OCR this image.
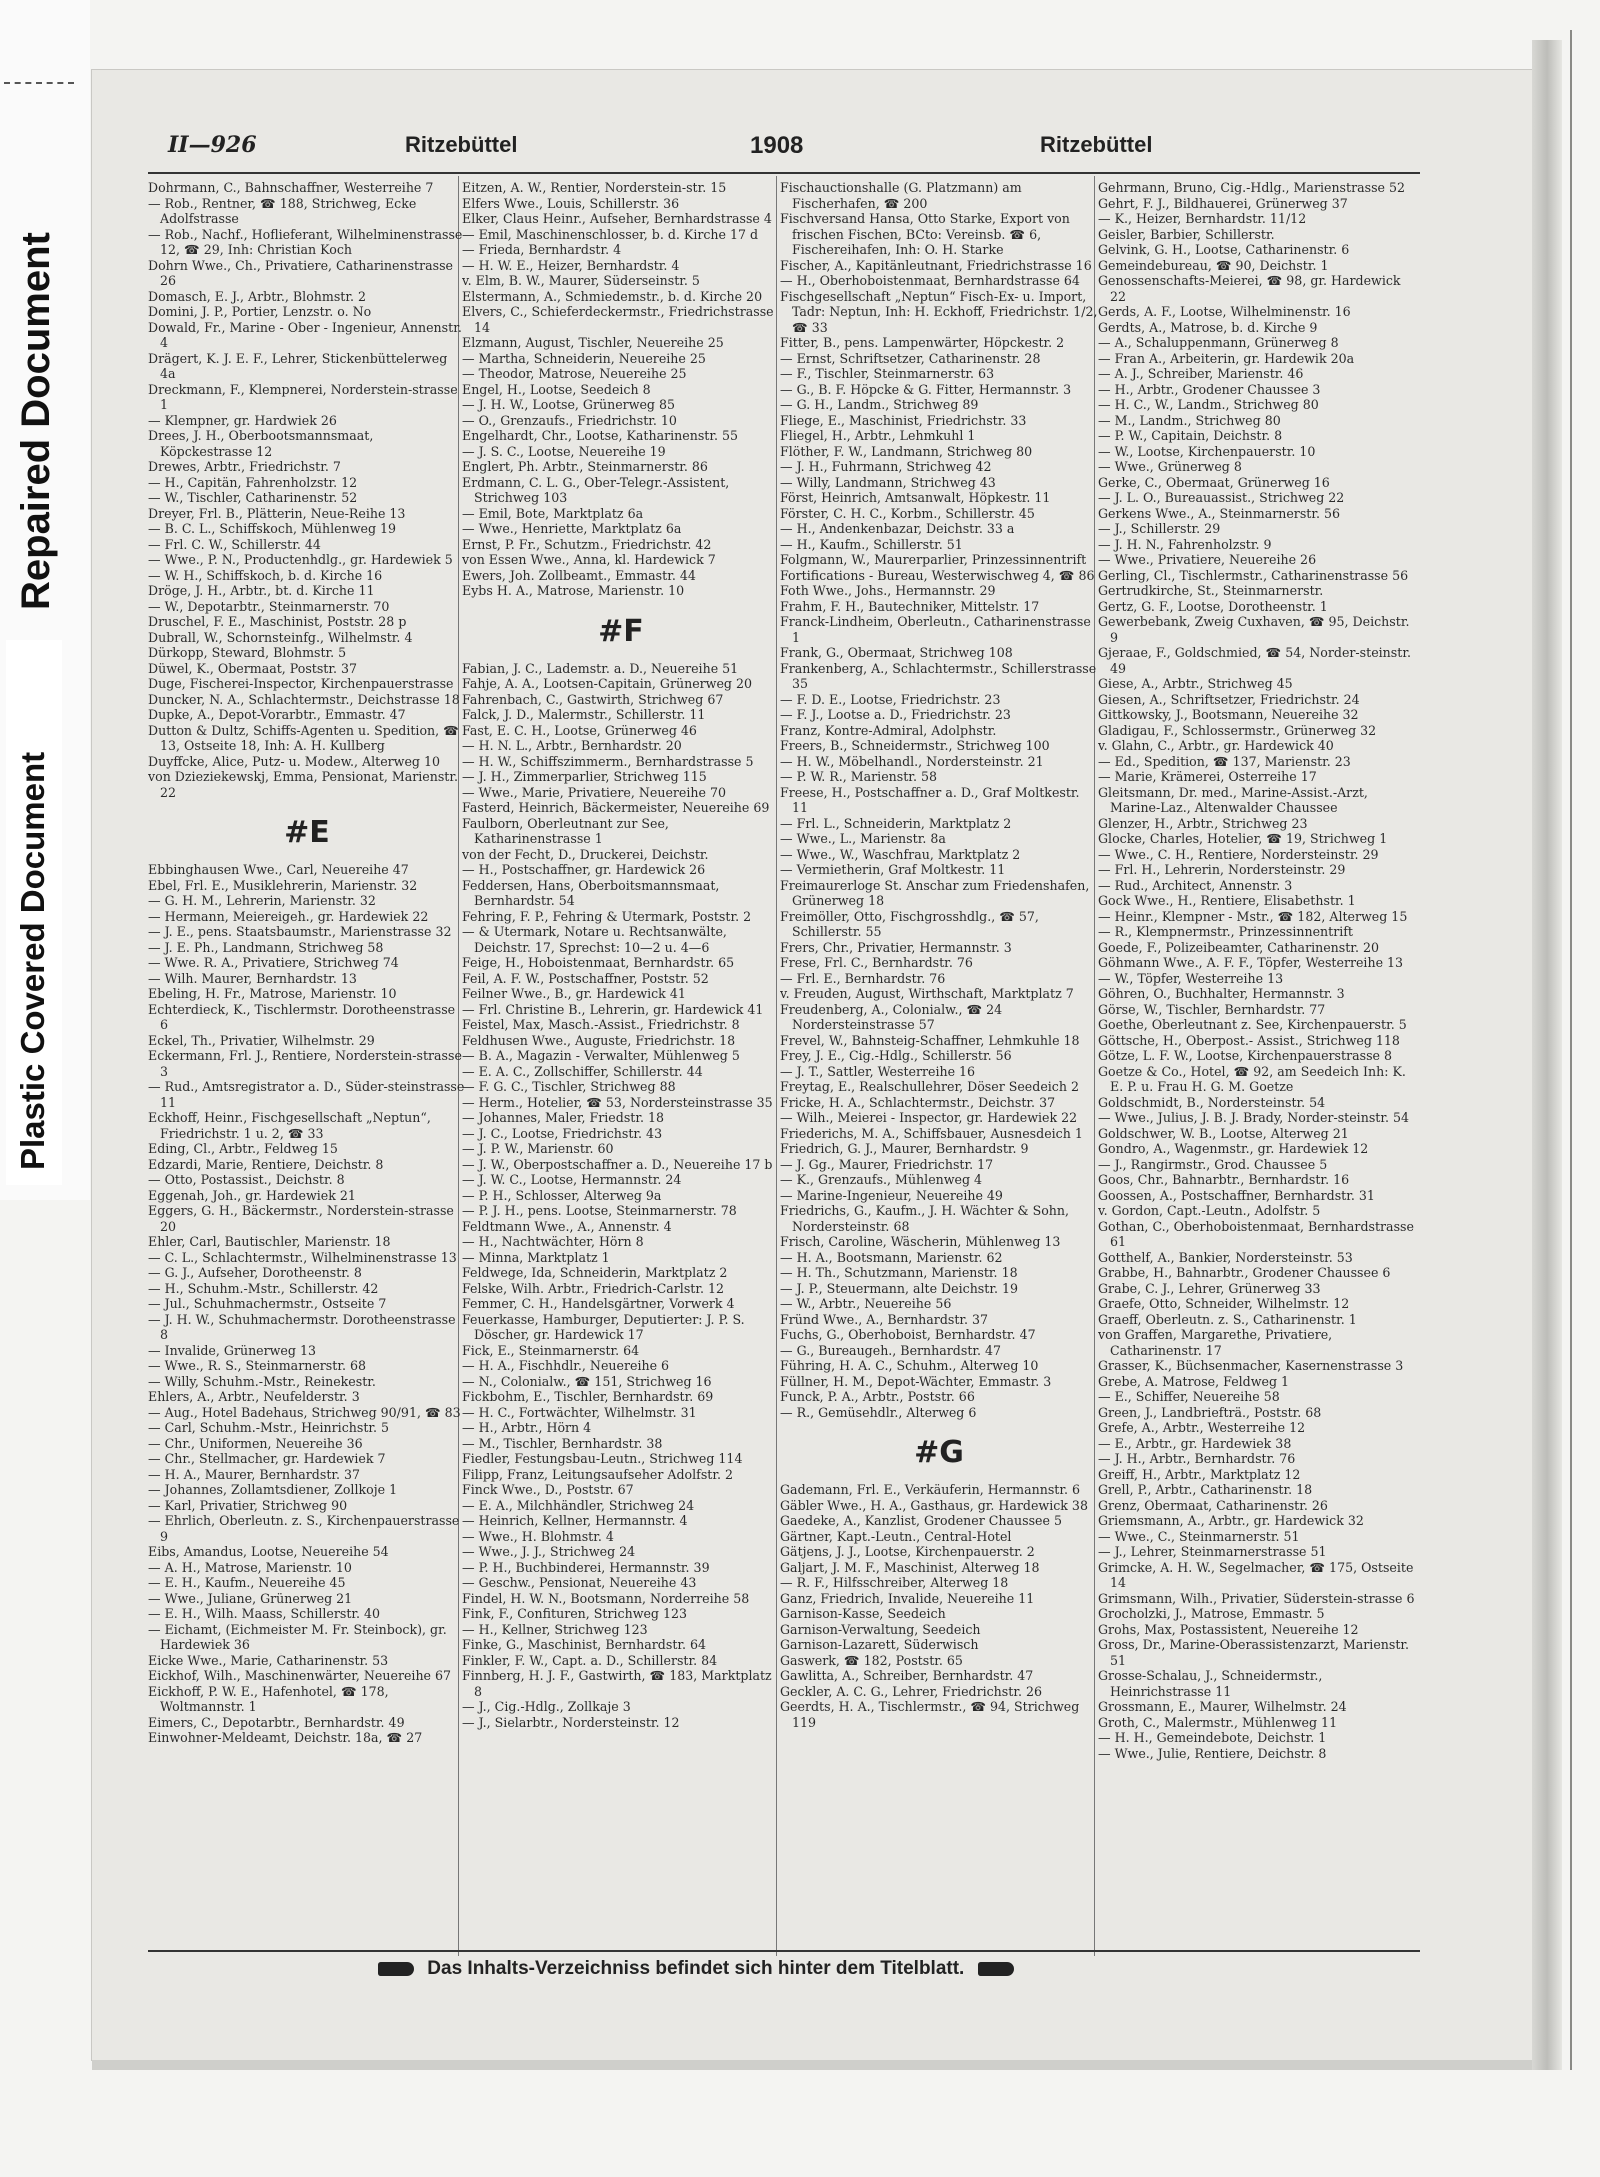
Repaired Document
Plastic Covered Document
II—926	Ritzebüttel	1908	Ritzebüttel

Dohrmann, C., Bahnschaffner, Westerreihe 7

— Rob., Rentner, ☎ 188, Strichweg, Ecke Adolfstrasse

— Rob., Nachf., Hoflieferant, Wilhelminenstrasse 12, ☎ 29, Inh: Christian Koch

Dohrn Wwe., Ch., Privatiere, Catharinenstrasse 26

Domasch, E. J., Arbtr., Blohmstr. 2

Domini, J. P., Portier, Lenzstr. o. No

Dowald, Fr., Marine - Ober - Ingenieur, Annenstr. 4

Drägert, K. J. E. F., Lehrer, Stickenbüttelerweg 4a

Dreckmann, F., Klempnerei, Norderstein-strasse 1

— Klempner, gr. Hardwiek 26

Drees, J. H., Oberbootsmannsmaat, Köpckestrasse 12

Drewes, Arbtr., Friedrichstr. 7

— H., Capitän, Fahrenholzstr. 12

— W., Tischler, Catharinenstr. 52

Dreyer, Frl. B., Plätterin, Neue-Reihe 13

— B. C. L., Schiffskoch, Mühlenweg 19

— Frl. C. W., Schillerstr. 44

— Wwe., P. N., Productenhdlg., gr. Hardewiek 5

— W. H., Schiffskoch, b. d. Kirche 16

Dröge, J. H., Arbtr., bt. d. Kirche 11

— W., Depotarbtr., Steinmarnerstr. 70

Druschel, F. E., Maschinist, Poststr. 28 p

Dubrall, W., Schornsteinfg., Wilhelmstr. 4

Dürkopp, Steward, Blohmstr. 5

Düwel, K., Obermaat, Poststr. 37

Duge, Fischerei-Inspector, Kirchenpauerstrasse

Duncker, N. A., Schlachtermstr., Deichstrasse 18

Dupke, A., Depot-Vorarbtr., Emmastr. 47

Dutton & Dultz, Schiffs-Agenten u. Spedition, ☎ 13, Ostseite 18, Inh: A. H. Kullberg

Duyffcke, Alice, Putz- u. Modew., Alterweg 10

von Dzieziekewskj, Emma, Pensionat, Marienstr. 22

#E

Ebbinghausen Wwe., Carl, Neuereihe 47

Ebel, Frl. E., Musiklehrerin, Marienstr. 32

— G. H. M., Lehrerin, Marienstr. 32

— Hermann, Meiereigeh., gr. Hardewiek 22

— J. E., pens. Staatsbaumstr., Marienstrasse 32

— J. E. Ph., Landmann, Strichweg 58

— Wwe. R. A., Privatiere, Strichweg 74

— Wilh. Maurer, Bernhardstr. 13

Ebeling, H. Fr., Matrose, Marienstr. 10

Echterdieck, K., Tischlermstr. Dorotheenstrasse 6

Eckel, Th., Privatier, Wilhelmstr. 29

Eckermann, Frl. J., Rentiere, Norderstein-strasse 3

— Rud., Amtsregistrator a. D., Süder-steinstrasse 11

Eckhoff, Heinr., Fischgesellschaft „Neptun“, Friedrichstr. 1 u. 2, ☎ 33

Eding, Cl., Arbtr., Feldweg 15

Edzardi, Marie, Rentiere, Deichstr. 8

— Otto, Postassist., Deichstr. 8

Eggenah, Joh., gr. Hardewiek 21

Eggers, G. H., Bäckermstr., Norderstein-strasse 20

Ehler, Carl, Bautischler, Marienstr. 18

— C. L., Schlachtermstr., Wilhelminenstrasse 13

— G. J., Aufseher, Dorotheenstr. 8

— H., Schuhm.-Mstr., Schillerstr. 42

— Jul., Schuhmachermstr., Ostseite 7

— J. H. W., Schuhmachermstr. Dorotheenstrasse 8

— Invalide, Grünerweg 13

— Wwe., R. S., Steinmarnerstr. 68

— Willy, Schuhm.-Mstr., Reinekestr.

Ehlers, A., Arbtr., Neufelderstr. 3

— Aug., Hotel Badehaus, Strichweg 90/91, ☎ 83

— Carl, Schuhm.-Mstr., Heinrichstr. 5

— Chr., Uniformen, Neuereihe 36

— Chr., Stellmacher, gr. Hardewiek 7

— H. A., Maurer, Bernhardstr. 37

— Johannes, Zollamtsdiener, Zollkoje 1

— Karl, Privatier, Strichweg 90

— Ehrlich, Oberleutn. z. S., Kirchenpauerstrasse 9

Eibs, Amandus, Lootse, Neuereihe 54

— A. H., Matrose, Marienstr. 10

— E. H., Kaufm., Neuereihe 45

— Wwe., Juliane, Grünerweg 21

— E. H., Wilh. Maass, Schillerstr. 40

— Eichamt, (Eichmeister M. Fr. Steinbock), gr. Hardewiek 36

Eicke Wwe., Marie, Catharinenstr. 53

Eickhof, Wilh., Maschinenwärter, Neuereihe 67

Eickhoff, P. W. E., Hafenhotel, ☎ 178, Woltmannstr. 1

Eimers, C., Depotarbtr., Bernhardstr. 49

Einwohner-Meldeamt, Deichstr. 18a, ☎ 27

Eitzen, A. W., Rentier, Norderstein-str. 15

Elfers Wwe., Louis, Schillerstr. 36

Elker, Claus Heinr., Aufseher, Bernhardstrasse 4

— Emil, Maschinenschlosser, b. d. Kirche 17 d

— Frieda, Bernhardstr. 4

— H. W. E., Heizer, Bernhardstr. 4

v. Elm, B. W., Maurer, Süderseinstr. 5

Elstermann, A., Schmiedemstr., b. d. Kirche 20

Elvers, C., Schieferdeckermstr., Friedrichstrasse 14

Elzmann, August, Tischler, Neuereihe 25

— Martha, Schneiderin, Neuereihe 25

— Theodor, Matrose, Neuereihe 25

Engel, H., Lootse, Seedeich 8

— J. H. W., Lootse, Grünerweg 85

— O., Grenzaufs., Friedrichstr. 10

Engelhardt, Chr., Lootse, Katharinenstr. 55

— J. S. C., Lootse, Neuereihe 19

Englert, Ph. Arbtr., Steinmarnerstr. 86

Erdmann, C. L. G., Ober-Telegr.-Assistent, Strichweg 103

— Emil, Bote, Marktplatz 6a

— Wwe., Henriette, Marktplatz 6a

Ernst, P. Fr., Schutzm., Friedrichstr. 42

von Essen Wwe., Anna, kl. Hardewick 7

Ewers, Joh. Zollbeamt., Emmastr. 44

Eybs H. A., Matrose, Marienstr. 10

#F

Fabian, J. C., Lademstr. a. D., Neuereihe 51

Fahje, A. A., Lootsen-Capitain, Grünerweg 20

Fahrenbach, C., Gastwirth, Strichweg 67

Falck, J. D., Malermstr., Schillerstr. 11

Fast, E. C. H., Lootse, Grünerweg 46

— H. N. L., Arbtr., Bernhardstr. 20

— H. W., Schiffszimmerm., Bernhardstrasse 5

— J. H., Zimmerparlier, Strichweg 115

— Wwe., Marie, Privatiere, Neuereihe 70

Fasterd, Heinrich, Bäckermeister, Neuereihe 69

Faulborn, Oberleutnant zur See, Katharinenstrasse 1

von der Fecht, D., Druckerei, Deichstr.

— H., Postschaffner, gr. Hardewick 26

Feddersen, Hans, Oberboitsmannsmaat, Bernhardstr. 54

Fehring, F. P., Fehring & Utermark, Poststr. 2

— & Utermark, Notare u. Rechtsanwälte, Deichstr. 17, Sprechst: 10—2 u. 4—6

Feige, H., Hoboistenmaat, Bernhardstr. 65

Feil, A. F. W., Postschaffner, Poststr. 52

Feilner Wwe., B., gr. Hardewick 41

— Frl. Christine B., Lehrerin, gr. Hardewick 41

Feistel, Max, Masch.-Assist., Friedrichstr. 8

Feldhusen Wwe., Auguste, Friedrichstr. 18

— B. A., Magazin - Verwalter, Mühlenweg 5

— E. A. C., Zollschiffer, Schillerstr. 44

— F. G. C., Tischler, Strichweg 88

— Herm., Hotelier, ☎ 53, Nordersteinstrasse 35

— Johannes, Maler, Friedstr. 18

— J. C., Lootse, Friedrichstr. 43

— J. P. W., Marienstr. 60

— J. W., Oberpostschaffner a. D., Neuereihe 17 b

— J. W. C., Lootse, Hermannstr. 24

— P. H., Schlosser, Alterweg 9a

— P. J. H., pens. Lootse, Steinmarnerstr. 78

Feldtmann Wwe., A., Annenstr. 4

— H., Nachtwächter, Hörn 8

— Minna, Marktplatz 1

Feldwege, Ida, Schneiderin, Marktplatz 2

Felske, Wilh. Arbtr., Friedrich-Carlstr. 12

Femmer, C. H., Handelsgärtner, Vorwerk 4

Feuerkasse, Hamburger, Deputierter: J. P. S. Döscher, gr. Hardewick 17

Fick, E., Steinmarnerstr. 64

— H. A., Fischhdlr., Neuereihe 6

— N., Colonialw., ☎ 151, Strichweg 16

Fickbohm, E., Tischler, Bernhardstr. 69

— H. C., Fortwächter, Wilhelmstr. 31

— H., Arbtr., Hörn 4

— M., Tischler, Bernhardstr. 38

Fiedler, Festungsbau-Leutn., Strichweg 114

Filipp, Franz, Leitungsaufseher Adolfstr. 2

Finck Wwe., D., Poststr. 67

— E. A., Milchhändler, Strichweg 24

— Heinrich, Kellner, Hermannstr. 4

— Wwe., H. Blohmstr. 4

— Wwe., J. J., Strichweg 24

— P. H., Buchbinderei, Hermannstr. 39

— Geschw., Pensionat, Neuereihe 43

Findel, H. W. N., Bootsmann, Norderreihe 58

Fink, F., Confituren, Strichweg 123

— H., Kellner, Strichweg 123

Finke, G., Maschinist, Bernhardstr. 64

Finkler, F. W., Capt. a. D., Schillerstr. 84

Finnberg, H. J. F., Gastwirth, ☎ 183, Marktplatz 8

— J., Cig.-Hdlg., Zollkaje 3

— J., Sielarbtr., Nordersteinstr. 12

Fischauctionshalle (G. Platzmann) am Fischerhafen, ☎ 200

Fischversand Hansa, Otto Starke, Export von frischen Fischen, BCto: Vereinsb. ☎ 6, Fischereihafen, Inh: O. H. Starke

Fischer, A., Kapitänleutnant, Friedrichstrasse 16

— H., Oberhoboistenmaat, Bernhardstrasse 64

Fischgesellschaft „Neptun“ Fisch-Ex- u. Import, Tadr: Neptun, Inh: H. Eckhoff, Friedrichstr. 1/2, ☎ 33

Fitter, B., pens. Lampenwärter, Höpckestr. 2

— Ernst, Schriftsetzer, Catharinenstr. 28

— F., Tischler, Steinmarnerstr. 63

— G., B. F. Höpcke & G. Fitter, Hermannstr. 3

— G. H., Landm., Strichweg 89

Fliege, E., Maschinist, Friedrichstr. 33

Fliegel, H., Arbtr., Lehmkuhl 1

Flöther, F. W., Landmann, Strichweg 80

— J. H., Fuhrmann, Strichweg 42

— Willy, Landmann, Strichweg 43

Först, Heinrich, Amtsanwalt, Höpkestr. 11

Förster, C. H. C., Korbm., Schillerstr. 45

— H., Andenkenbazar, Deichstr. 33 a

— H., Kaufm., Schillerstr. 51

Folgmann, W., Maurerparlier, Prinzessinnentrift

Fortifications - Bureau, Westerwischweg 4, ☎ 86

Foth Wwe., Johs., Hermannstr. 29

Frahm, F. H., Bautechniker, Mittelstr. 17

Franck-Lindheim, Oberleutn., Catharinenstrasse 1

Frank, G., Obermaat, Strichweg 108

Frankenberg, A., Schlachtermstr., Schillerstrasse 35

— F. D. E., Lootse, Friedrichstr. 23

— F. J., Lootse a. D., Friedrichstr. 23

Franz, Kontre-Admiral, Adolphstr.

Freers, B., Schneidermstr., Strichweg 100

— H. W., Möbelhandl., Nordersteinstr. 21

— P. W. R., Marienstr. 58

Freese, H., Postschaffner a. D., Graf Moltkestr. 11

— Frl. L., Schneiderin, Marktplatz 2

— Wwe., L., Marienstr. 8a

— Wwe., W., Waschfrau, Marktplatz 2

— Vermietherin, Graf Moltkestr. 11

Freimaurerloge St. Anschar zum Friedenshafen, Grünerweg 18

Freimöller, Otto, Fischgrosshdlg., ☎ 57, Schillerstr. 55

Frers, Chr., Privatier, Hermannstr. 3

Frese, Frl. C., Bernhardstr. 76

— Frl. E., Bernhardstr. 76

v. Freuden, August, Wirthschaft, Marktplatz 7

Freudenberg, A., Colonialw., ☎ 24 Nordersteinstrasse 57

Frevel, W., Bahnsteig-Schaffner, Lehmkuhle 18

Frey, J. E., Cig.-Hdlg., Schillerstr. 56

— J. T., Sattler, Westerreihe 16

Freytag, E., Realschullehrer, Döser Seedeich 2

Fricke, H. A., Schlachtermstr., Deichstr. 37

— Wilh., Meierei - Inspector, gr. Hardewiek 22

Friederichs, M. A., Schiffsbauer, Ausnesdeich 1

Friedrich, G. J., Maurer, Bernhardstr. 9

— J. Gg., Maurer, Friedrichstr. 17

— K., Grenzaufs., Mühlenweg 4

— Marine-Ingenieur, Neuereihe 49

Friedrichs, G., Kaufm., J. H. Wächter & Sohn, Nordersteinstr. 68

Frisch, Caroline, Wäscherin, Mühlenweg 13

— H. A., Bootsmann, Marienstr. 62

— H. Th., Schutzmann, Marienstr. 18

— J. P., Steuermann, alte Deichstr. 19

— W., Arbtr., Neuereihe 56

Fründ Wwe., A., Bernhardstr. 37

Fuchs, G., Oberhoboist, Bernhardstr. 47

— G., Bureaugeh., Bernhardstr. 47

Führing, H. A. C., Schuhm., Alterweg 10

Füllner, H. M., Depot-Wächter, Emmastr. 3

Funck, P. A., Arbtr., Poststr. 66

— R., Gemüsehdlr., Alterweg 6

#G

Gademann, Frl. E., Verkäuferin, Hermannstr. 6

Gäbler Wwe., H. A., Gasthaus, gr. Hardewick 38

Gaedeke, A., Kanzlist, Grodener Chaussee 5

Gärtner, Kapt.-Leutn., Central-Hotel

Gätjens, J. J., Lootse, Kirchenpauerstr. 2

Galjart, J. M. F., Maschinist, Alterweg 18

— R. F., Hilfsschreiber, Alterweg 18

Ganz, Friedrich, Invalide, Neuereihe 11

Garnison-Kasse, Seedeich

Garnison-Verwaltung, Seedeich

Garnison-Lazarett, Süderwisch

Gaswerk, ☎ 182, Poststr. 65

Gawlitta, A., Schreiber, Bernhardstr. 47

Geckler, A. C. G., Lehrer, Friedrichstr. 26

Geerdts, H. A., Tischlermstr., ☎ 94, Strichweg 119

Gehrmann, Bruno, Cig.-Hdlg., Marienstrasse 52

Gehrt, F. J., Bildhauerei, Grünerweg 37

— K., Heizer, Bernhardstr. 11/12

Geisler, Barbier, Schillerstr.

Gelvink, G. H., Lootse, Catharinenstr. 6

Gemeindebureau, ☎ 90, Deichstr. 1

Genossenschafts-Meierei, ☎ 98, gr. Hardewick 22

Gerds, A. F., Lootse, Wilhelminenstr. 16

Gerdts, A., Matrose, b. d. Kirche 9

— A., Schaluppenmann, Grünerweg 8

— Fran A., Arbeiterin, gr. Hardewik 20a

— A. J., Schreiber, Marienstr. 46

— H., Arbtr., Grodener Chaussee 3

— H. C., W., Landm., Strichweg 80

— M., Landm., Strichweg 80

— P. W., Capitain, Deichstr. 8

— W., Lootse, Kirchenpauerstr. 10

— Wwe., Grünerweg 8

Gerke, C., Obermaat, Grünerweg 16

— J. L. O., Bureauassist., Strichweg 22

Gerkens Wwe., A., Steinmarnerstr. 56

— J., Schillerstr. 29

— J. H. N., Fahrenholzstr. 9

— Wwe., Privatiere, Neuereihe 26

Gerling, Cl., Tischlermstr., Catharinenstrasse 56

Gertrudkirche, St., Steinmarnerstr.

Gertz, G. F., Lootse, Dorotheenstr. 1

Gewerbebank, Zweig Cuxhaven, ☎ 95, Deichstr. 9

Gjeraae, F., Goldschmied, ☎ 54, Norder-steinstr. 49

Giese, A., Arbtr., Strichweg 45

Giesen, A., Schriftsetzer, Friedrichstr. 24

Gittkowsky, J., Bootsmann, Neuereihe 32

Gladigau, F., Schlossermstr., Grünerweg 32

v. Glahn, C., Arbtr., gr. Hardewick 40

— Ed., Spedition, ☎ 137, Marienstr. 23

— Marie, Krämerei, Osterreihe 17

Gleitsmann, Dr. med., Marine-Assist.-Arzt, Marine-Laz., Altenwalder Chaussee

Glenzer, H., Arbtr., Strichweg 23

Glocke, Charles, Hotelier, ☎ 19, Strichweg 1

— Wwe., C. H., Rentiere, Nordersteinstr. 29

— Frl. H., Lehrerin, Nordersteinstr. 29

— Rud., Architect, Annenstr. 3

Gock Wwe., H., Rentiere, Elisabethstr. 1

— Heinr., Klempner - Mstr., ☎ 182, Alterweg 15

— R., Klempnermstr., Prinzessinnentrift

Goede, F., Polizeibeamter, Catharinenstr. 20

Göhmann Wwe., A. F. F., Töpfer, Westerreihe 13

— W., Töpfer, Westerreihe 13

Göhren, O., Buchhalter, Hermannstr. 3

Görse, W., Tischler, Bernhardstr. 77

Goethe, Oberleutnant z. See, Kirchenpauerstr. 5

Göttsche, H., Oberpost.- Assist., Strichweg 118

Götze, L. F. W., Lootse, Kirchenpauerstrasse 8

Goetze & Co., Hotel, ☎ 92, am Seedeich Inh: K. E. P. u. Frau H. G. M. Goetze

Goldschmidt, B., Nordersteinstr. 54

— Wwe., Julius, J. B. J. Brady, Norder-steinstr. 54

Goldschwer, W. B., Lootse, Alterweg 21

Gondro, A., Wagenmstr., gr. Hardewiek 12

— J., Rangirmstr., Grod. Chaussee 5

Goos, Chr., Bahnarbtr., Bernhardstr. 16

Goossen, A., Postschaffner, Bernhardstr. 31

v. Gordon, Capt.-Leutn., Adolfstr. 5

Gothan, C., Oberhoboistenmaat, Bernhardstrasse 61

Gotthelf, A., Bankier, Nordersteinstr. 53

Grabbe, H., Bahnarbtr., Grodener Chaussee 6

Grabe, C. J., Lehrer, Grünerweg 33

Graefe, Otto, Schneider, Wilhelmstr. 12

Graeff, Oberleutn. z. S., Catharinenstr. 1

von Graffen, Margarethe, Privatiere, Catharinenstr. 17

Grasser, K., Büchsenmacher, Kasernenstrasse 3

Grebe, A. Matrose, Feldweg 1

— E., Schiffer, Neuereihe 58

Green, J., Landbriefträ., Poststr. 68

Grefe, A., Arbtr., Westerreihe 12

— E., Arbtr., gr. Hardewiek 38

— J. H., Arbtr., Bernhardstr. 76

Greiff, H., Arbtr., Marktplatz 12

Grell, P., Arbtr., Catharinenstr. 18

Grenz, Obermaat, Catharinenstr. 26

Griemsmann, A., Arbtr., gr. Hardewick 32

— Wwe., C., Steinmarnerstr. 51

— J., Lehrer, Steinmarnerstrasse 51

Grimcke, A. H. W., Segelmacher, ☎ 175, Ostseite 14

Grimsmann, Wilh., Privatier, Süderstein-strasse 6

Grocholzki, J., Matrose, Emmastr. 5

Grohs, Max, Postassistent, Neuereihe 12

Gross, Dr., Marine-Oberassistenzarzt, Marienstr. 51

Grosse-Schalau, J., Schneidermstr., Heinrichstrasse 11

Grossmann, E., Maurer, Wilhelmstr. 24

Groth, C., Malermstr., Mühlenweg 11

— H. H., Gemeindebote, Deichstr. 1

— Wwe., Julie, Rentiere, Deichstr. 8

Das Inhalts-Verzeichniss befindet sich hinter dem Titelblatt.
